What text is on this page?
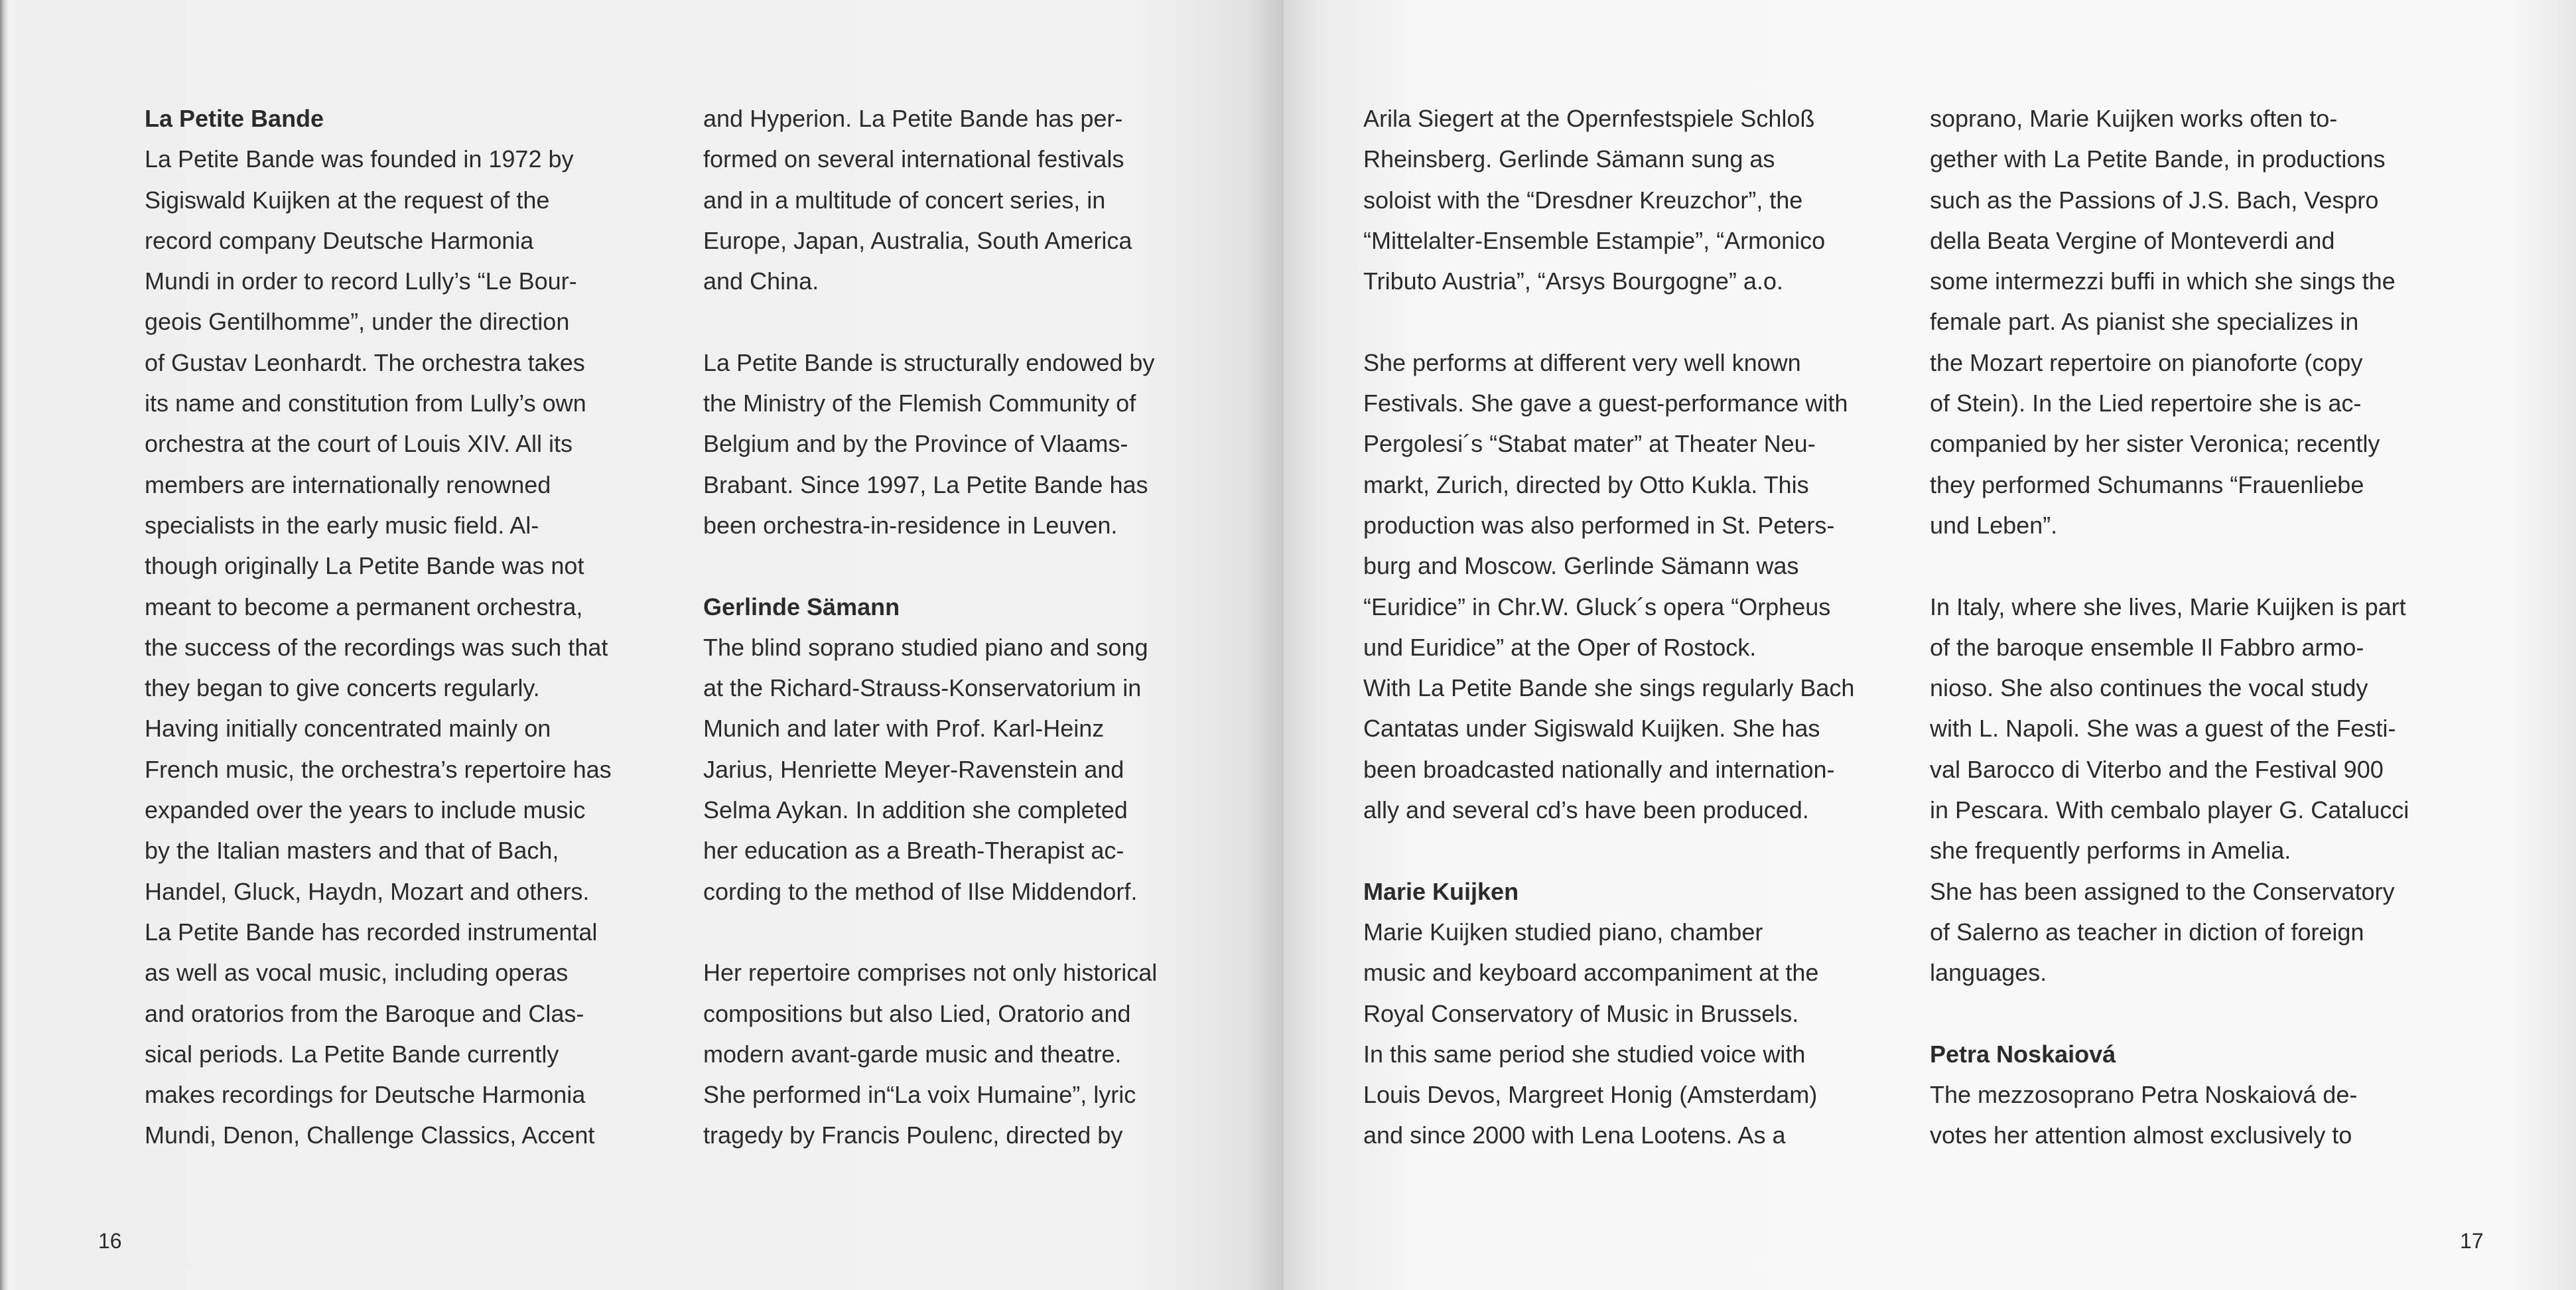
La Petite Bande
La Petite Bande was founded in 1972 by
Sigiswald Kuijken at the request of the
record company Deutsche Harmonia
Mundi in order to record Lully’s “Le Bour-
geois Gentilhomme”, under the direction
of Gustav Leonhardt. The orchestra takes
its name and constitution from Lully’s own
orchestra at the court of Louis XIV. All its
members are internationally renowned
specialists in the early music field. Al-
though originally La Petite Bande was not
meant to become a permanent orchestra,
the success of the recordings was such that
they began to give concerts regularly.
Having initially concentrated mainly on
French music, the orchestra’s repertoire has
expanded over the years to include music
by the Italian masters and that of Bach,
Handel, Gluck, Haydn, Mozart and others.
La Petite Bande has recorded instrumental
as well as vocal music, including operas
and oratorios from the Baroque and Clas-
sical periods. La Petite Bande currently
makes recordings for Deutsche Harmonia
Mundi, Denon, Challenge Classics, Accent
and Hyperion. La Petite Bande has per-
formed on several international festivals
and in a multitude of concert series, in
Europe, Japan, Australia, South America
and China.
La Petite Bande is structurally endowed by
the Ministry of the Flemish Community of
Belgium and by the Province of Vlaams-
Brabant. Since 1997, La Petite Bande has
been orchestra-in-residence in Leuven.
Gerlinde Sämann
The blind soprano studied piano and song
at the Richard-Strauss-Konservatorium in
Munich and later with Prof. Karl-Heinz
Jarius, Henriette Meyer-Ravenstein and
Selma Aykan. In addition she completed
her education as a Breath-Therapist ac-
cording to the method of Ilse Middendorf.
Her repertoire comprises not only historical
compositions but also Lied, Oratorio and
modern avant-garde music and theatre.
She performed in“La voix Humaine”, lyric
tragedy by Francis Poulenc, directed by
Arila Siegert at the Opernfestspiele Schloß
Rheinsberg. Gerlinde Sämann sung as
soloist with the “Dresdner Kreuzchor”, the
“Mittelalter-Ensemble Estampie”, “Armonico
Tributo Austria”, “Arsys Bourgogne” a.o.
She performs at different very well known
Festivals. She gave a guest-performance with
Pergolesi´s “Stabat mater” at Theater Neu-
markt, Zurich, directed by Otto Kukla. This
production was also performed in St. Peters-
burg and Moscow. Gerlinde Sämann was
“Euridice” in Chr.W. Gluck´s opera “Orpheus
und Euridice” at the Oper of Rostock.
With La Petite Bande she sings regularly Bach
Cantatas under Sigiswald Kuijken. She has
been broadcasted nationally and internation-
ally and several cd’s have been produced.
Marie Kuijken
Marie Kuijken studied piano, chamber
music and keyboard accompaniment at the
Royal Conservatory of Music in Brussels.
In this same period she studied voice with
Louis Devos, Margreet Honig (Amsterdam)
and since 2000 with Lena Lootens. As a
soprano, Marie Kuijken works often to-
gether with La Petite Bande, in productions
such as the Passions of J.S. Bach, Vespro
della Beata Vergine of Monteverdi and
some intermezzi buffi in which she sings the
female part. As pianist she specializes in
the Mozart repertoire on pianoforte (copy
of Stein). In the Lied repertoire she is ac-
companied by her sister Veronica; recently
they performed Schumanns “Frauenliebe
und Leben”.
In Italy, where she lives, Marie Kuijken is part
of the baroque ensemble Il Fabbro armo-
nioso. She also continues the vocal study
with L. Napoli. She was a guest of the Festi-
val Barocco di Viterbo and the Festival 900
in Pescara. With cembalo player G. Catalucci
she frequently performs in Amelia.
She has been assigned to the Conservatory
of Salerno as teacher in diction of foreign
languages.
Petra Noskaiová
The mezzosoprano Petra Noskaiová de-
votes her attention almost exclusively to
16	17
